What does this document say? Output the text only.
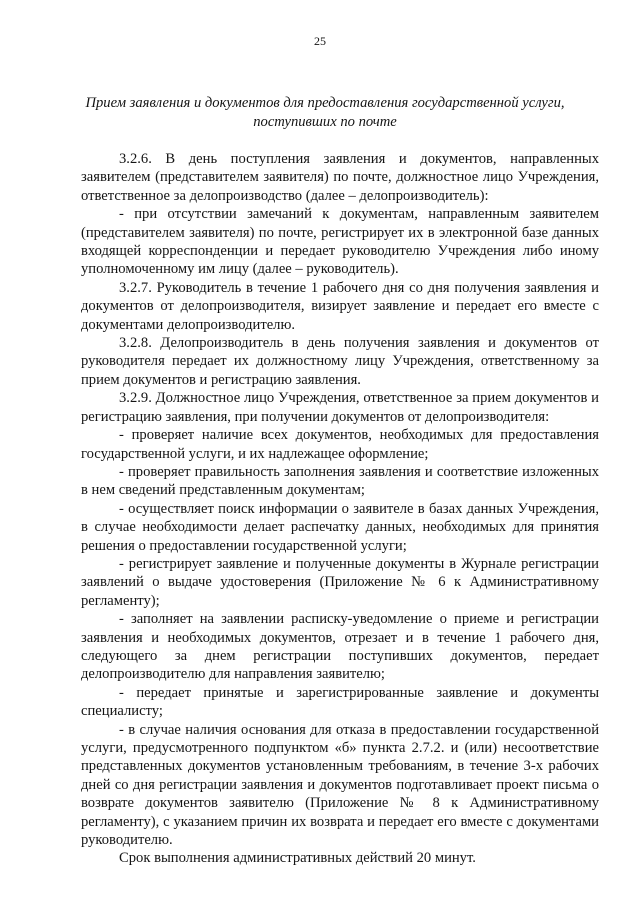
25
Прием заявления и документов для предоставления государственной услуги, поступивших по почте

3.2.6. В день поступления заявления и документов, направленных заявителем (представителем заявителя) по почте, должностное лицо Учреждения, ответственное за делопроизводство (далее – делопроизводитель):

- при отсутствии замечаний к документам, направленным заявителем (представителем заявителя) по почте, регистрирует их в электронной базе данных входящей корреспонденции и передает руководителю Учреждения либо иному уполномоченному им лицу (далее – руководитель).

3.2.7. Руководитель в течение 1 рабочего дня со дня получения заявления и документов от делопроизводителя, визирует заявление и передает его вместе с документами делопроизводителю.

3.2.8. Делопроизводитель в день получения заявления и документов от руководителя передает их должностному лицу Учреждения, ответственному за прием документов и регистрацию заявления.

3.2.9. Должностное лицо Учреждения, ответственное за прием документов и регистрацию заявления, при получении документов от делопроизводителя:

- проверяет наличие всех документов, необходимых для предоставления государственной услуги, и их надлежащее оформление;

- проверяет правильность заполнения заявления и соответствие изложенных в нем сведений представленным документам;

- осуществляет поиск информации о заявителе в базах данных Учреждения, в случае необходимости делает распечатку данных, необходимых для принятия решения о предоставлении государственной услуги;

- регистрирует заявление и полученные документы в Журнале регистрации заявлений о выдаче удостоверения (Приложение № 6 к Административному регламенту);

- заполняет на заявлении расписку-уведомление о приеме и регистрации заявления и необходимых документов, отрезает и в течение 1 рабочего дня, следующего за днем регистрации поступивших документов, передает делопроизводителю для направления заявителю;

- передает принятые и зарегистрированные заявление и документы специалисту;

- в случае наличия основания для отказа в предоставлении государственной услуги, предусмотренного подпунктом «б» пункта 2.7.2. и (или) несоответствие представленных документов установленным требованиям, в течение 3-х рабочих дней со дня регистрации заявления и документов подготавливает проект письма о возврате документов заявителю (Приложение № 8 к Административному регламенту), с указанием причин их возврата и передает его вместе с документами руководителю.

Срок выполнения административных действий 20 минут.
